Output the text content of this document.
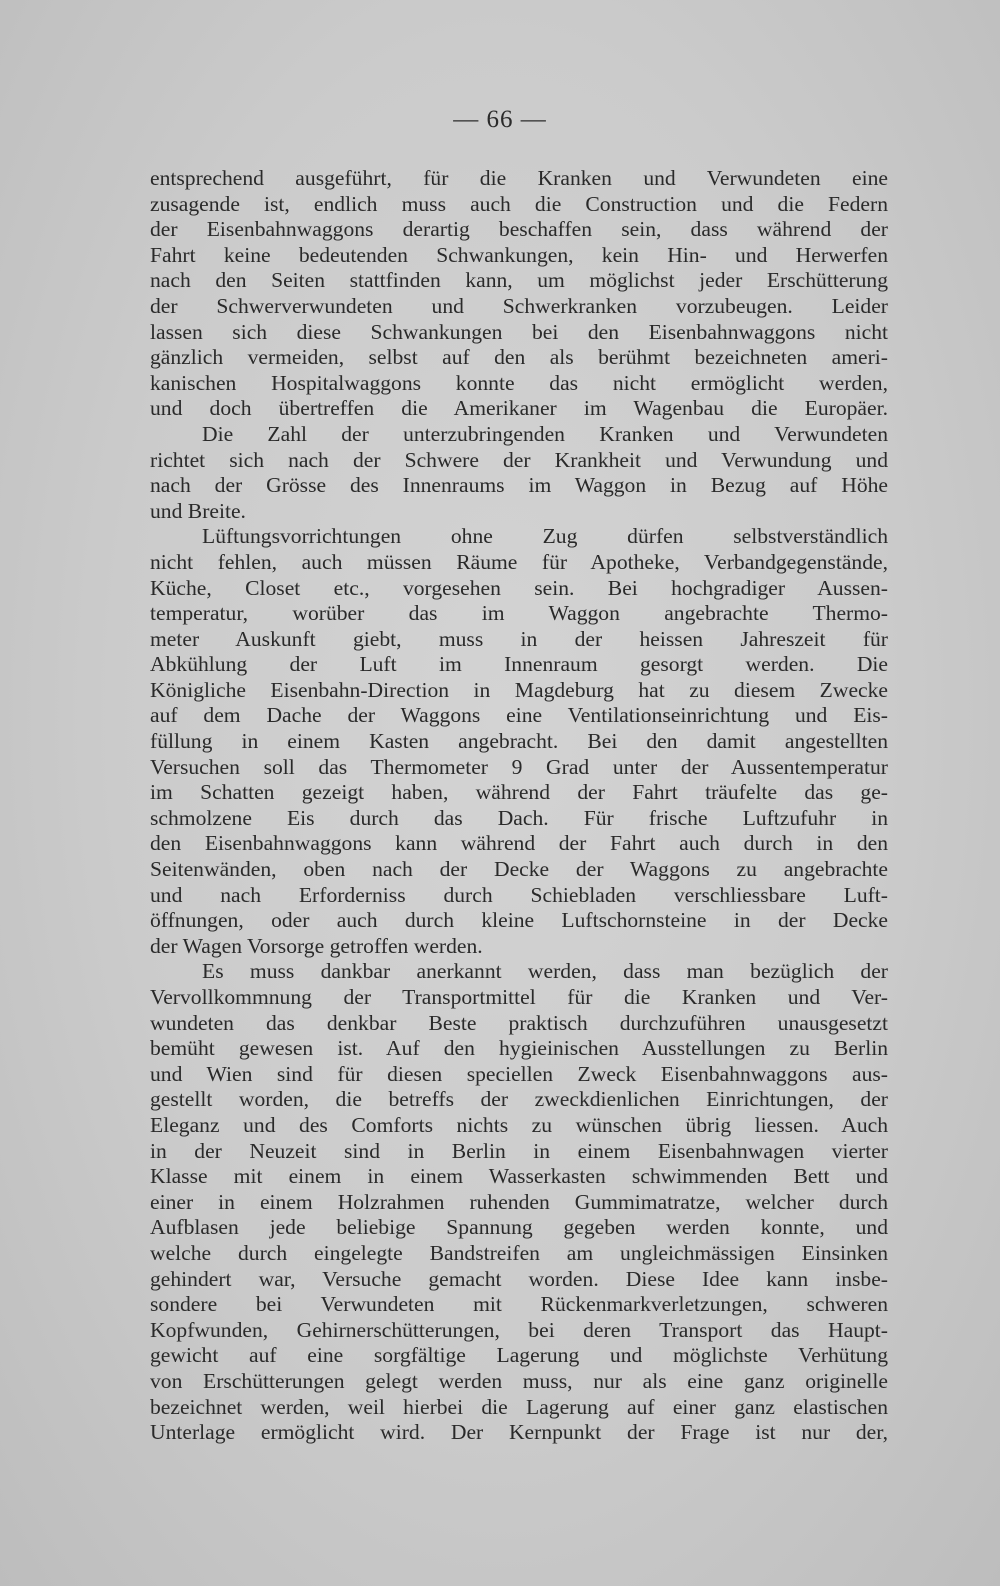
— 66 —
entsprechend ausgeführt, für die Kranken und Verwundeten eine
zusagende ist, endlich muss auch die Construction und die Federn
der Eisenbahnwaggons derartig beschaffen sein, dass während der
Fahrt keine bedeutenden Schwankungen, kein Hin- und Herwerfen
nach den Seiten stattfinden kann, um möglichst jeder Erschütterung
der Schwerverwundeten und Schwerkranken vorzubeugen. Leider
lassen sich diese Schwankungen bei den Eisenbahnwaggons nicht
gänzlich vermeiden, selbst auf den als berühmt bezeichneten ameri-
kanischen Hospitalwaggons konnte das nicht ermöglicht werden,
und doch übertreffen die Amerikaner im Wagenbau die Europäer.
Die Zahl der unterzubringenden Kranken und Verwundeten
richtet sich nach der Schwere der Krankheit und Verwundung und
nach der Grösse des Innenraums im Waggon in Bezug auf Höhe
und Breite.
Lüftungsvorrichtungen ohne Zug dürfen selbstverständlich
nicht fehlen, auch müssen Räume für Apotheke, Verbandgegenstände,
Küche, Closet etc., vorgesehen sein. Bei hochgradiger Aussen-
temperatur, worüber das im Waggon angebrachte Thermo-
meter Auskunft giebt, muss in der heissen Jahreszeit für
Abkühlung der Luft im Innenraum gesorgt werden. Die
Königliche Eisenbahn-Direction in Magdeburg hat zu diesem Zwecke
auf dem Dache der Waggons eine Ventilationseinrichtung und Eis-
füllung in einem Kasten angebracht. Bei den damit angestellten
Versuchen soll das Thermometer 9 Grad unter der Aussentemperatur
im Schatten gezeigt haben, während der Fahrt träufelte das ge-
schmolzene Eis durch das Dach. Für frische Luftzufuhr in
den Eisenbahnwaggons kann während der Fahrt auch durch in den
Seitenwänden, oben nach der Decke der Waggons zu angebrachte
und nach Erforderniss durch Schiebladen verschliessbare Luft-
öffnungen, oder auch durch kleine Luftschornsteine in der Decke
der Wagen Vorsorge getroffen werden.
Es muss dankbar anerkannt werden, dass man bezüglich der
Vervollkommnung der Transportmittel für die Kranken und Ver-
wundeten das denkbar Beste praktisch durchzuführen unausgesetzt
bemüht gewesen ist. Auf den hygieinischen Ausstellungen zu Berlin
und Wien sind für diesen speciellen Zweck Eisenbahnwaggons aus-
gestellt worden, die betreffs der zweckdienlichen Einrichtungen, der
Eleganz und des Comforts nichts zu wünschen übrig liessen. Auch
in der Neuzeit sind in Berlin in einem Eisenbahnwagen vierter
Klasse mit einem in einem Wasserkasten schwimmenden Bett und
einer in einem Holzrahmen ruhenden Gummimatratze, welcher durch
Aufblasen jede beliebige Spannung gegeben werden konnte, und
welche durch eingelegte Bandstreifen am ungleichmässigen Einsinken
gehindert war, Versuche gemacht worden. Diese Idee kann insbe-
sondere bei Verwundeten mit Rückenmarkverletzungen, schweren
Kopfwunden, Gehirnerschütterungen, bei deren Transport das Haupt-
gewicht auf eine sorgfältige Lagerung und möglichste Verhütung
von Erschütterungen gelegt werden muss, nur als eine ganz originelle
bezeichnet werden, weil hierbei die Lagerung auf einer ganz elastischen
Unterlage ermöglicht wird. Der Kernpunkt der Frage ist nur der,
